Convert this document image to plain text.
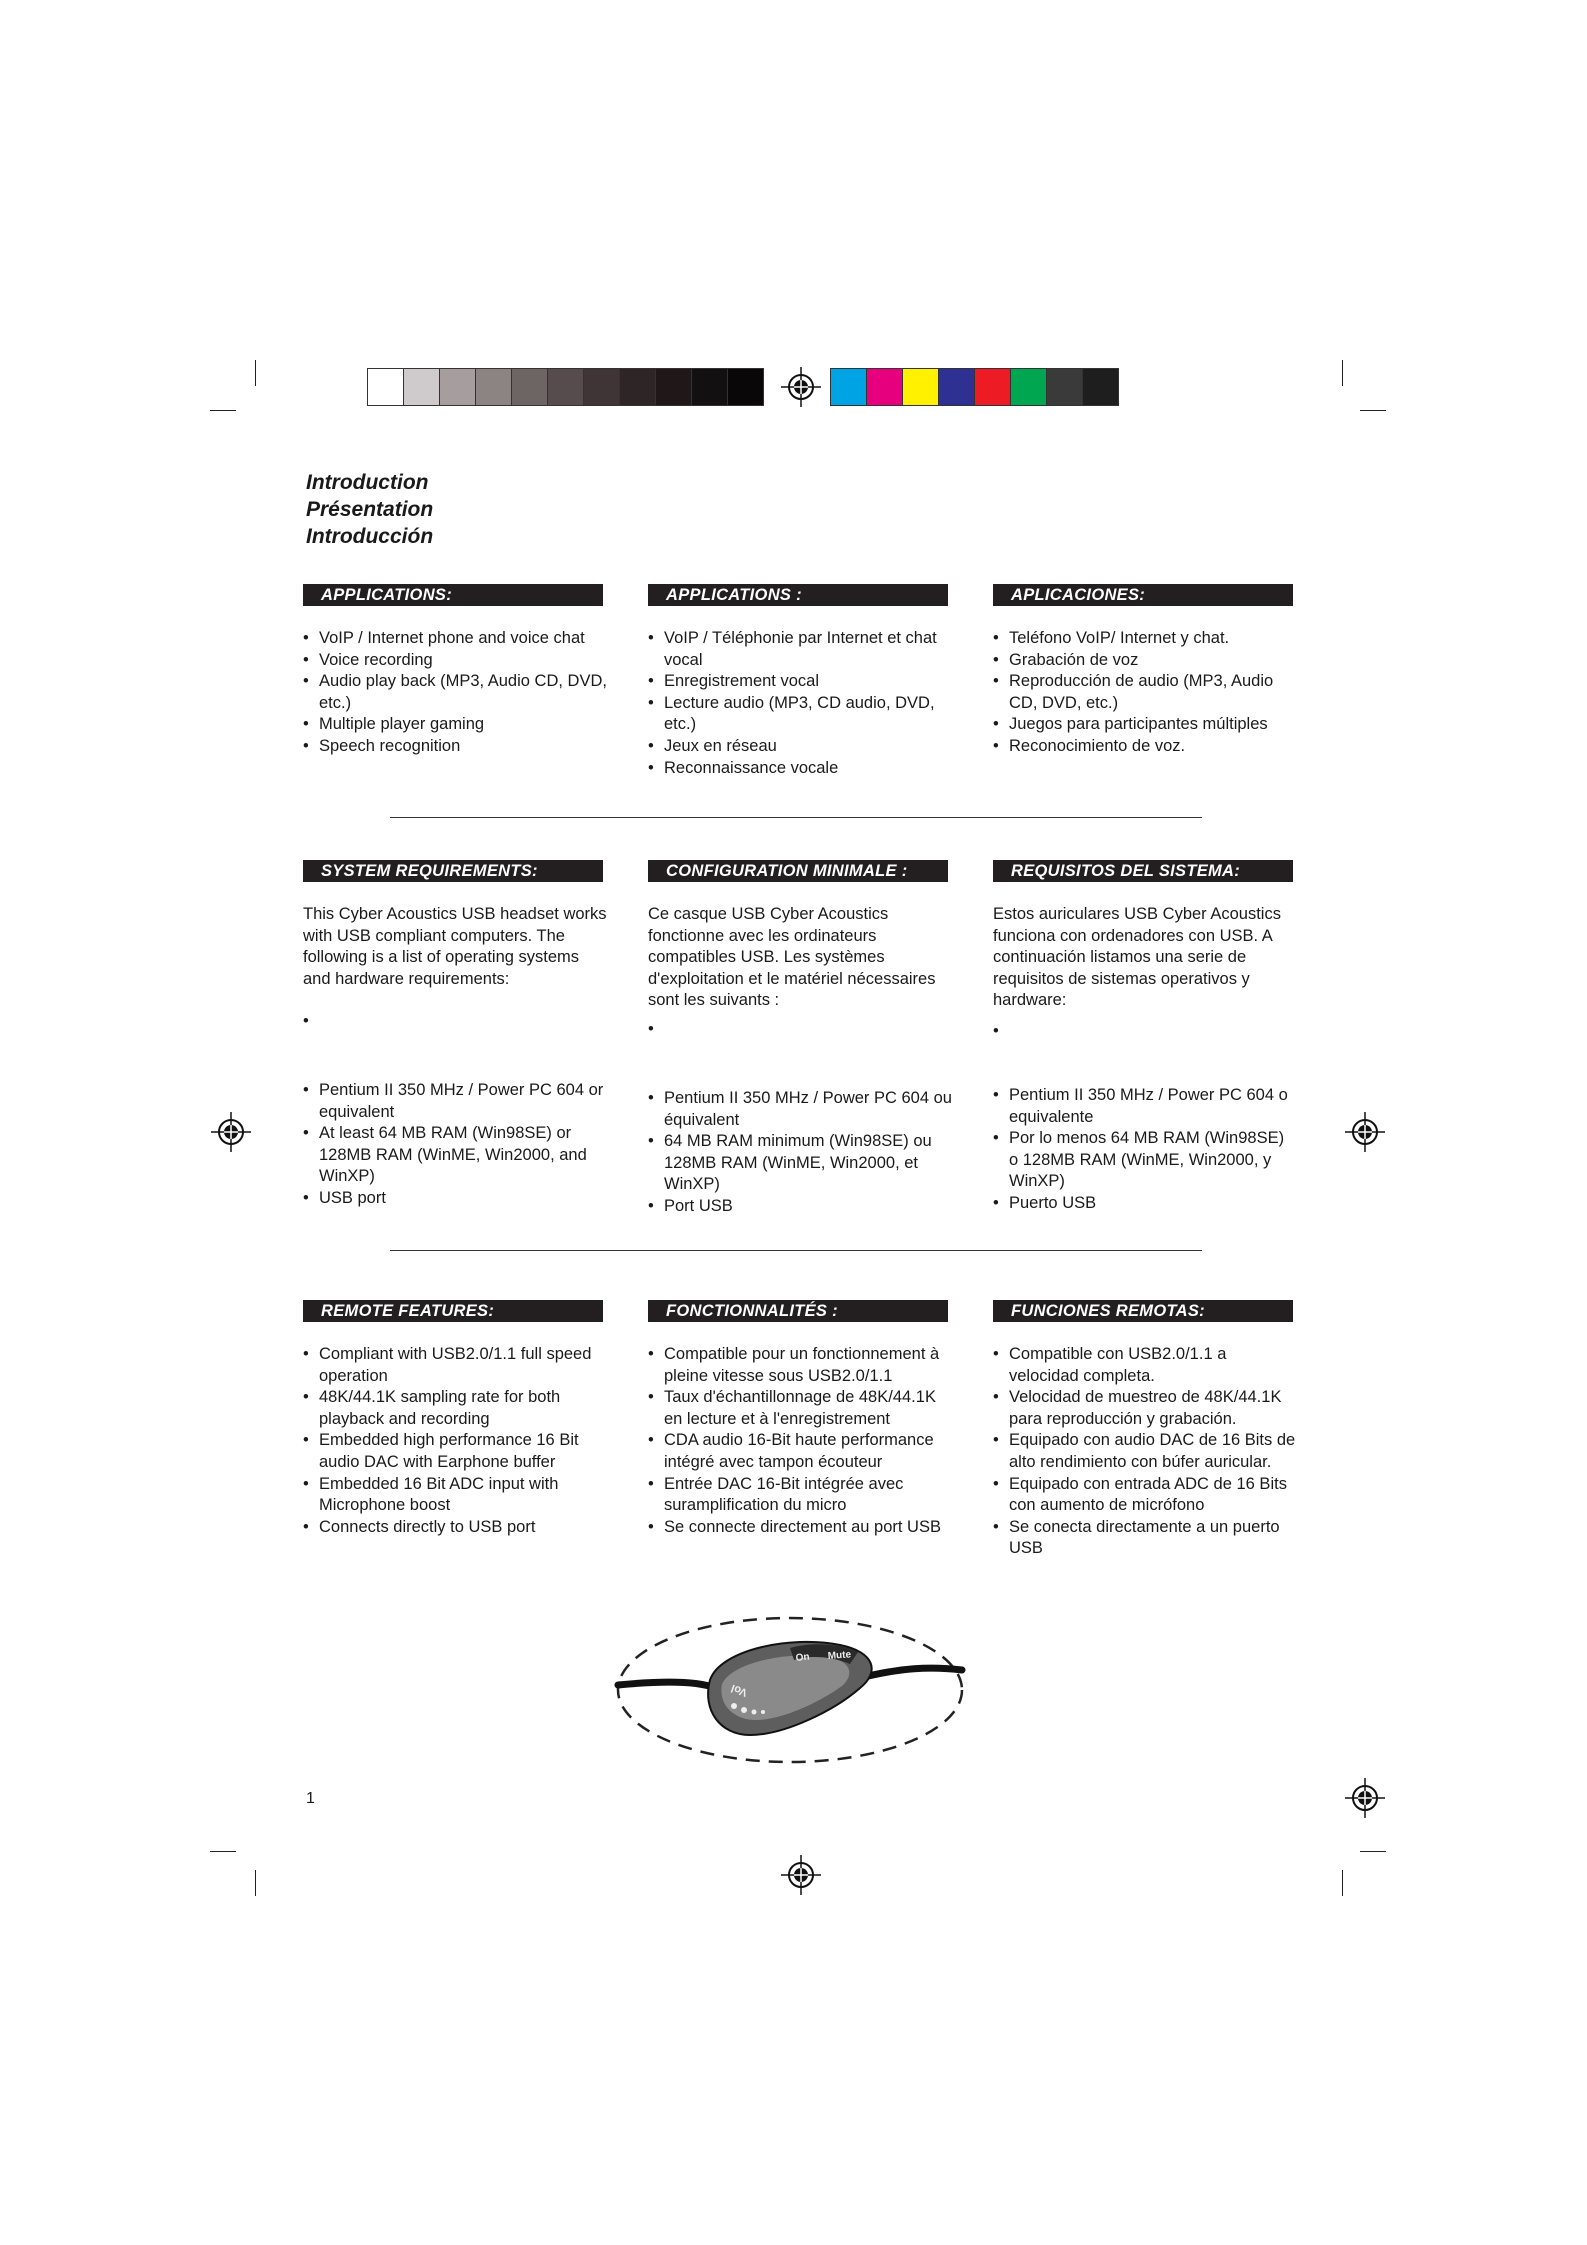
Introduction
Présentation
Introducción
APPLICATIONS:	APPLICATIONS :	APLICACIONES:
• VoIP / Internet phone and voice chat
• Voice recording
• Audio play back (MP3, Audio CD, DVD, etc.)
• Multiple player gaming
• Speech recognition
• VoIP / Téléphonie par Internet et chat vocal
• Enregistrement vocal
• Lecture audio (MP3, CD audio, DVD, etc.)
• Jeux en réseau
• Reconnaissance vocale
• Teléfono VoIP/ Internet y chat.
• Grabación de voz
• Reproducción de audio (MP3, Audio CD, DVD, etc.)
• Juegos para participantes múltiples
• Reconocimiento de voz.
SYSTEM REQUIREMENTS:	CONFIGURATION MINIMALE :	REQUISITOS DEL SISTEMA:

This Cyber Acoustics USB headset works with USB compliant computers. The following is a list of operating systems and hardware requirements:

Ce casque USB Cyber Acoustics fonctionne avec les ordinateurs compatibles USB. Les systèmes d'exploitation et le matériel nécessaires sont les suivants :

Estos auriculares USB Cyber Acoustics funciona con ordenadores con USB. A continuación listamos una serie de requisitos de sistemas operativos y hardware:

•	•	•
• Pentium II 350 MHz / Power PC 604 or equivalent
• At least 64 MB RAM (Win98SE) or 128MB RAM (WinME, Win2000, and WinXP)
• USB port
• Pentium II 350 MHz / Power PC 604 ou équivalent
• 64 MB RAM minimum (Win98SE) ou 128MB RAM (WinME, Win2000, et WinXP)
• Port USB
• Pentium II 350 MHz / Power PC 604 o equivalente
• Por lo menos 64 MB RAM (Win98SE) o 128MB RAM (WinME, Win2000, y WinXP)
• Puerto USB
REMOTE FEATURES:	FONCTIONNALITÉS :	FUNCIONES REMOTAS:
• Compliant with USB2.0/1.1 full speed operation
• 48K/44.1K sampling rate for both playback and recording
• Embedded high performance 16 Bit audio DAC with Earphone buffer
• Embedded 16 Bit ADC input with Microphone boost
• Connects directly to USB port
• Compatible pour un fonctionnement à pleine vitesse sous USB2.0/1.1
• Taux d'échantillonnage de 48K/44.1K en lecture et à l'enregistrement
• CDA audio 16-Bit haute performance intégré avec tampon écouteur
• Entrée DAC 16-Bit intégrée avec suramplification du micro
• Se connecte directement au port USB
• Compatible con USB2.0/1.1 a velocidad completa.
• Velocidad de muestreo de 48K/44.1K para reproducción y grabación.
• Equipado con audio DAC de 16 Bits de alto rendimiento con búfer auricular.
• Equipado con entrada ADC de 16 Bits con aumento de micrófono
• Se conecta directamente a un puerto USB
On Mute
Vol
1
